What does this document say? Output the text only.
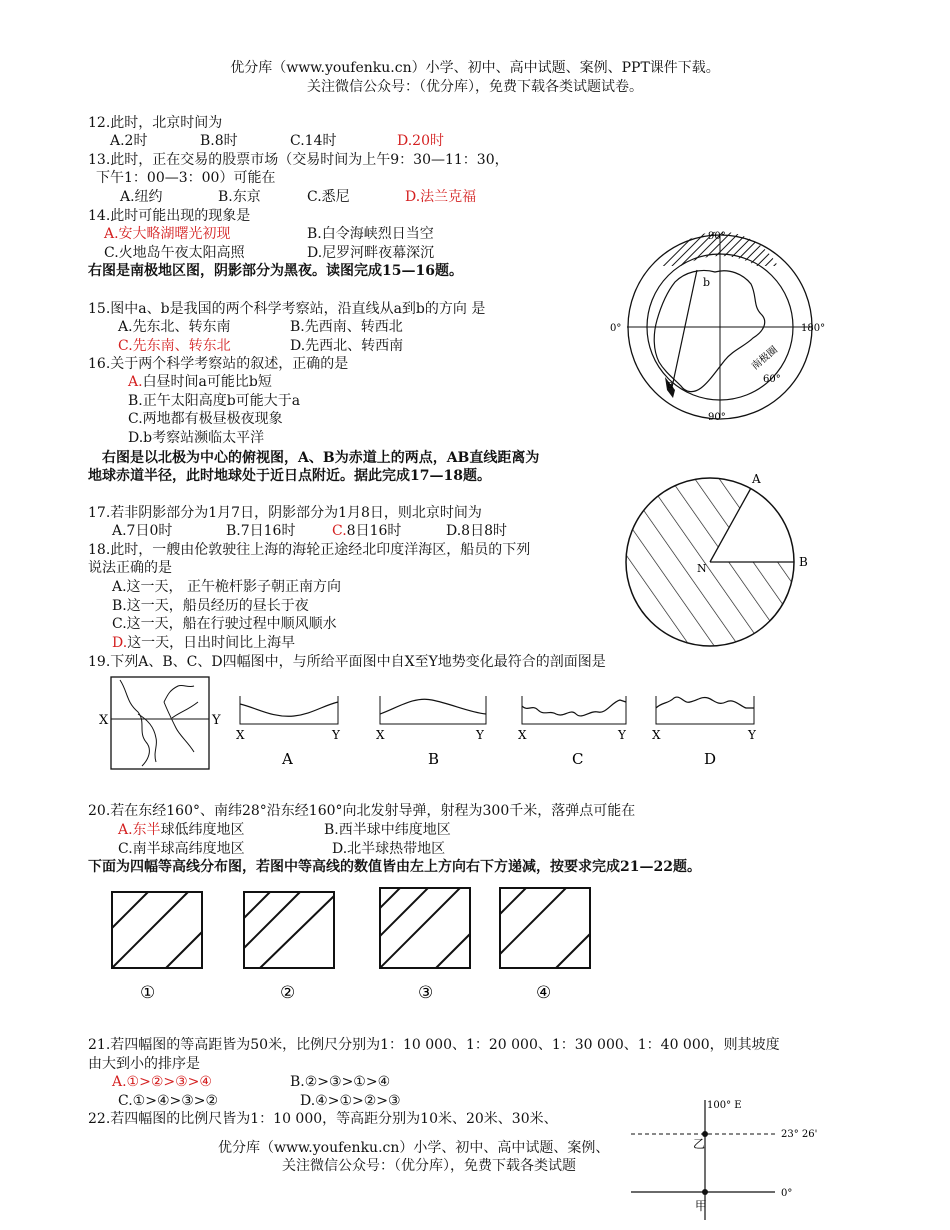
优分库（www.youfenku.cn）小学、初中、高中试题、案例、PPT课件下载。
关注微信公众号：（优分库），免费下载各类试题试卷。
12.此时，北京时间为
A.2时	B.8时	C.14时	D.20时
13.此时，正在交易的股票市场（交易时间为上午9：30—11：30，
下午1：00—3：00）可能在
A.纽约	B.东京	C.悉尼	D.法兰克福
14.此时可能出现的现象是
A.安大略湖曙光初现	B.白令海峡烈日当空
C.火地岛午夜太阳高照	D.尼罗河畔夜幕深沉
右图是南极地区图，阴影部分为黑夜。读图完成15—16题。
15.图中a、b是我国的两个科学考察站，沿直线从a到b的方向 是
A.先东北、转东南	B.先西南、转西北
C.先东南、转东北	D.先西北、转西南
16.关于两个科学考察站的叙述，正确的是
A.白昼时间a可能比b短
B.正午太阳高度b可能大于a
C.两地都有极昼极夜现象
D.b考察站濒临太平洋
右图是以北极为中心的俯视图，A、B为赤道上的两点，AB直线距离为
地球赤道半径，此时地球处于近日点附近。据此完成17—18题。
17.若非阴影部分为1月7日，阴影部分为1月8日，则北京时间为
A.7日0时	B.7日16时	C.8日16时	D.8日8时
18.此时，一艘由伦敦驶往上海的海轮正途经北印度洋海区，船员的下列
说法正确的是
A.这一天， 正午桅杆影子朝正南方向
B.这一天，船员经历的昼长于夜
C.这一天，船在行驶过程中顺风顺水
D.这一天，日出时间比上海早
19.下列A、B、C、D四幅图中，与所给平面图中自X至Y地势变化最符合的剖面图是
X	Y
X	Y
A
X	Y
B
X	Y
C
X	Y
D
20.若在东经160°、南纬28°沿东经160°向北发射导弹，射程为300千米，落弹点可能在
A.东半球低纬度地区	B.西半球中纬度地区
C.南半球高纬度地区	D.北半球热带地区
下面为四幅等高线分布图，若图中等高线的数值皆由左上方向右下方递减，按要求完成21—22题。
①	②	③	④
21.若四幅图的等高距皆为50米，比例尺分别为1：10 000、1：20 000、1：30 000、1：40 000，则其坡度
由大到小的排序是
A.①>②>③>④	B.②>③>①>④
C.①>④>③>②	D.④>①>②>③
22.若四幅图的比例尺皆为1：10 000，等高距分别为10米、20米、30米、
优分库（www.youfenku.cn）小学、初中、高中试题、案例、
关注微信公众号：（优分库），免费下载各类试题
90°
90°
0°	180°
60°
a
b
南极圈
A
B
N
100° E
23° 26'
0°
乙
甲
